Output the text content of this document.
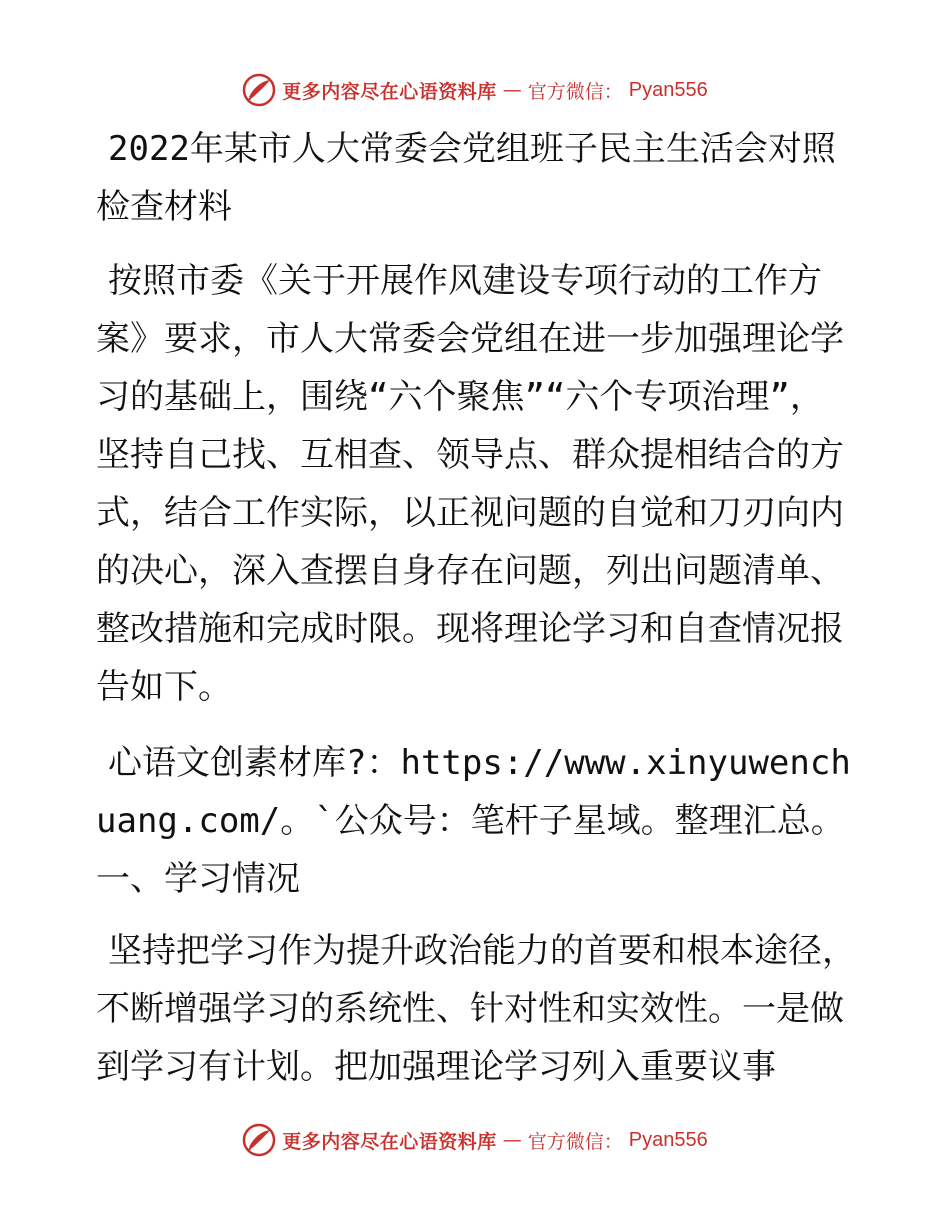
更多内容尽在心语资料库 — 官方微信： Pyan556

2022年某市人大常委会党组班子民主生活会对照检查材料

按照市委《关于开展作风建设专项行动的工作方案》要求，市人大常委会党组在进一步加强理论学习的基础上，围绕“六个聚焦”“六个专项治理”，坚持自己找、互相查、领导点、群众提相结合的方式，结合工作实际，以正视问题的自觉和刀刃向内的决心，深入查摆自身存在问题，列出问题清单、整改措施和完成时限。现将理论学习和自查情况报告如下。

心语文创素材库?：https://www.xinyuwenchuang.com/。`公众号：笔杆子星域。整理汇总。一、学习情况

坚持把学习作为提升政治能力的首要和根本途径，不断增强学习的系统性、针对性和实效性。一是做到学习有计划。把加强理论学习列入重要议事

更多内容尽在心语资料库 — 官方微信： Pyan556
